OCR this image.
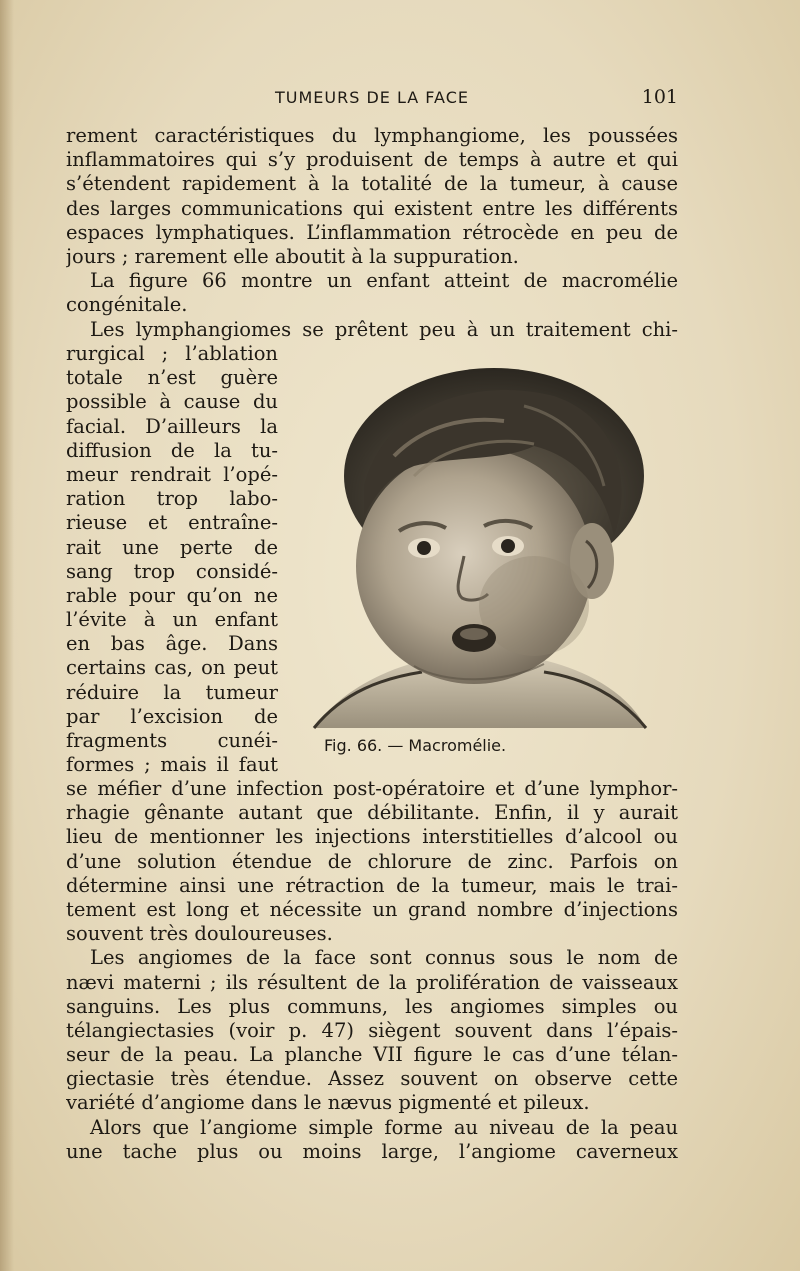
TUMEURS DE LA FACE	101
rement caractéristiques du lymphangiome, les poussées
inflammatoires qui s’y produisent de temps à autre et qui
s’étendent rapidement à la totalité de la tumeur, à cause
des larges communications qui existent entre les différents
espaces lymphatiques. L’inflammation rétrocède en peu de
jours ; rarement elle aboutit à la suppuration.
La figure 66 montre un enfant atteint de macromélie
congénitale.
Les lymphangiomes se prêtent peu à un traitement chi-
rurgical ; l’ablation
totale n’est guère
possible à cause du
facial. D’ailleurs la
diffusion de la tu-
meur rendrait l’opé-
ration trop labo-
rieuse et entraîne-
rait une perte de
sang trop considé-
rable pour qu’on ne
l’évite à un enfant
en bas âge. Dans
certains cas, on peut
réduire la tumeur
par l’excision de
fragments cunéi-
formes ; mais il faut
Fig. 66. — Macromélie.
se méfier d’une infection post-opératoire et d’une lymphor-
rhagie gênante autant que débilitante. Enfin, il y aurait
lieu de mentionner les injections interstitielles d’alcool ou
d’une solution étendue de chlorure de zinc. Parfois on
détermine ainsi une rétraction de la tumeur, mais le trai-
tement est long et nécessite un grand nombre d’injections
souvent très douloureuses.
Les angiomes de la face sont connus sous le nom de
nævi materni ; ils résultent de la prolifération de vaisseaux
sanguins. Les plus communs, les angiomes simples ou
télangiectasies (voir p. 47) siègent souvent dans l’épais-
seur de la peau. La planche VII figure le cas d’une télan-
giectasie très étendue. Assez souvent on observe cette
variété d’angiome dans le nævus pigmenté et pileux.
Alors que l’angiome simple forme au niveau de la peau
une tache plus ou moins large, l’angiome caverneux
